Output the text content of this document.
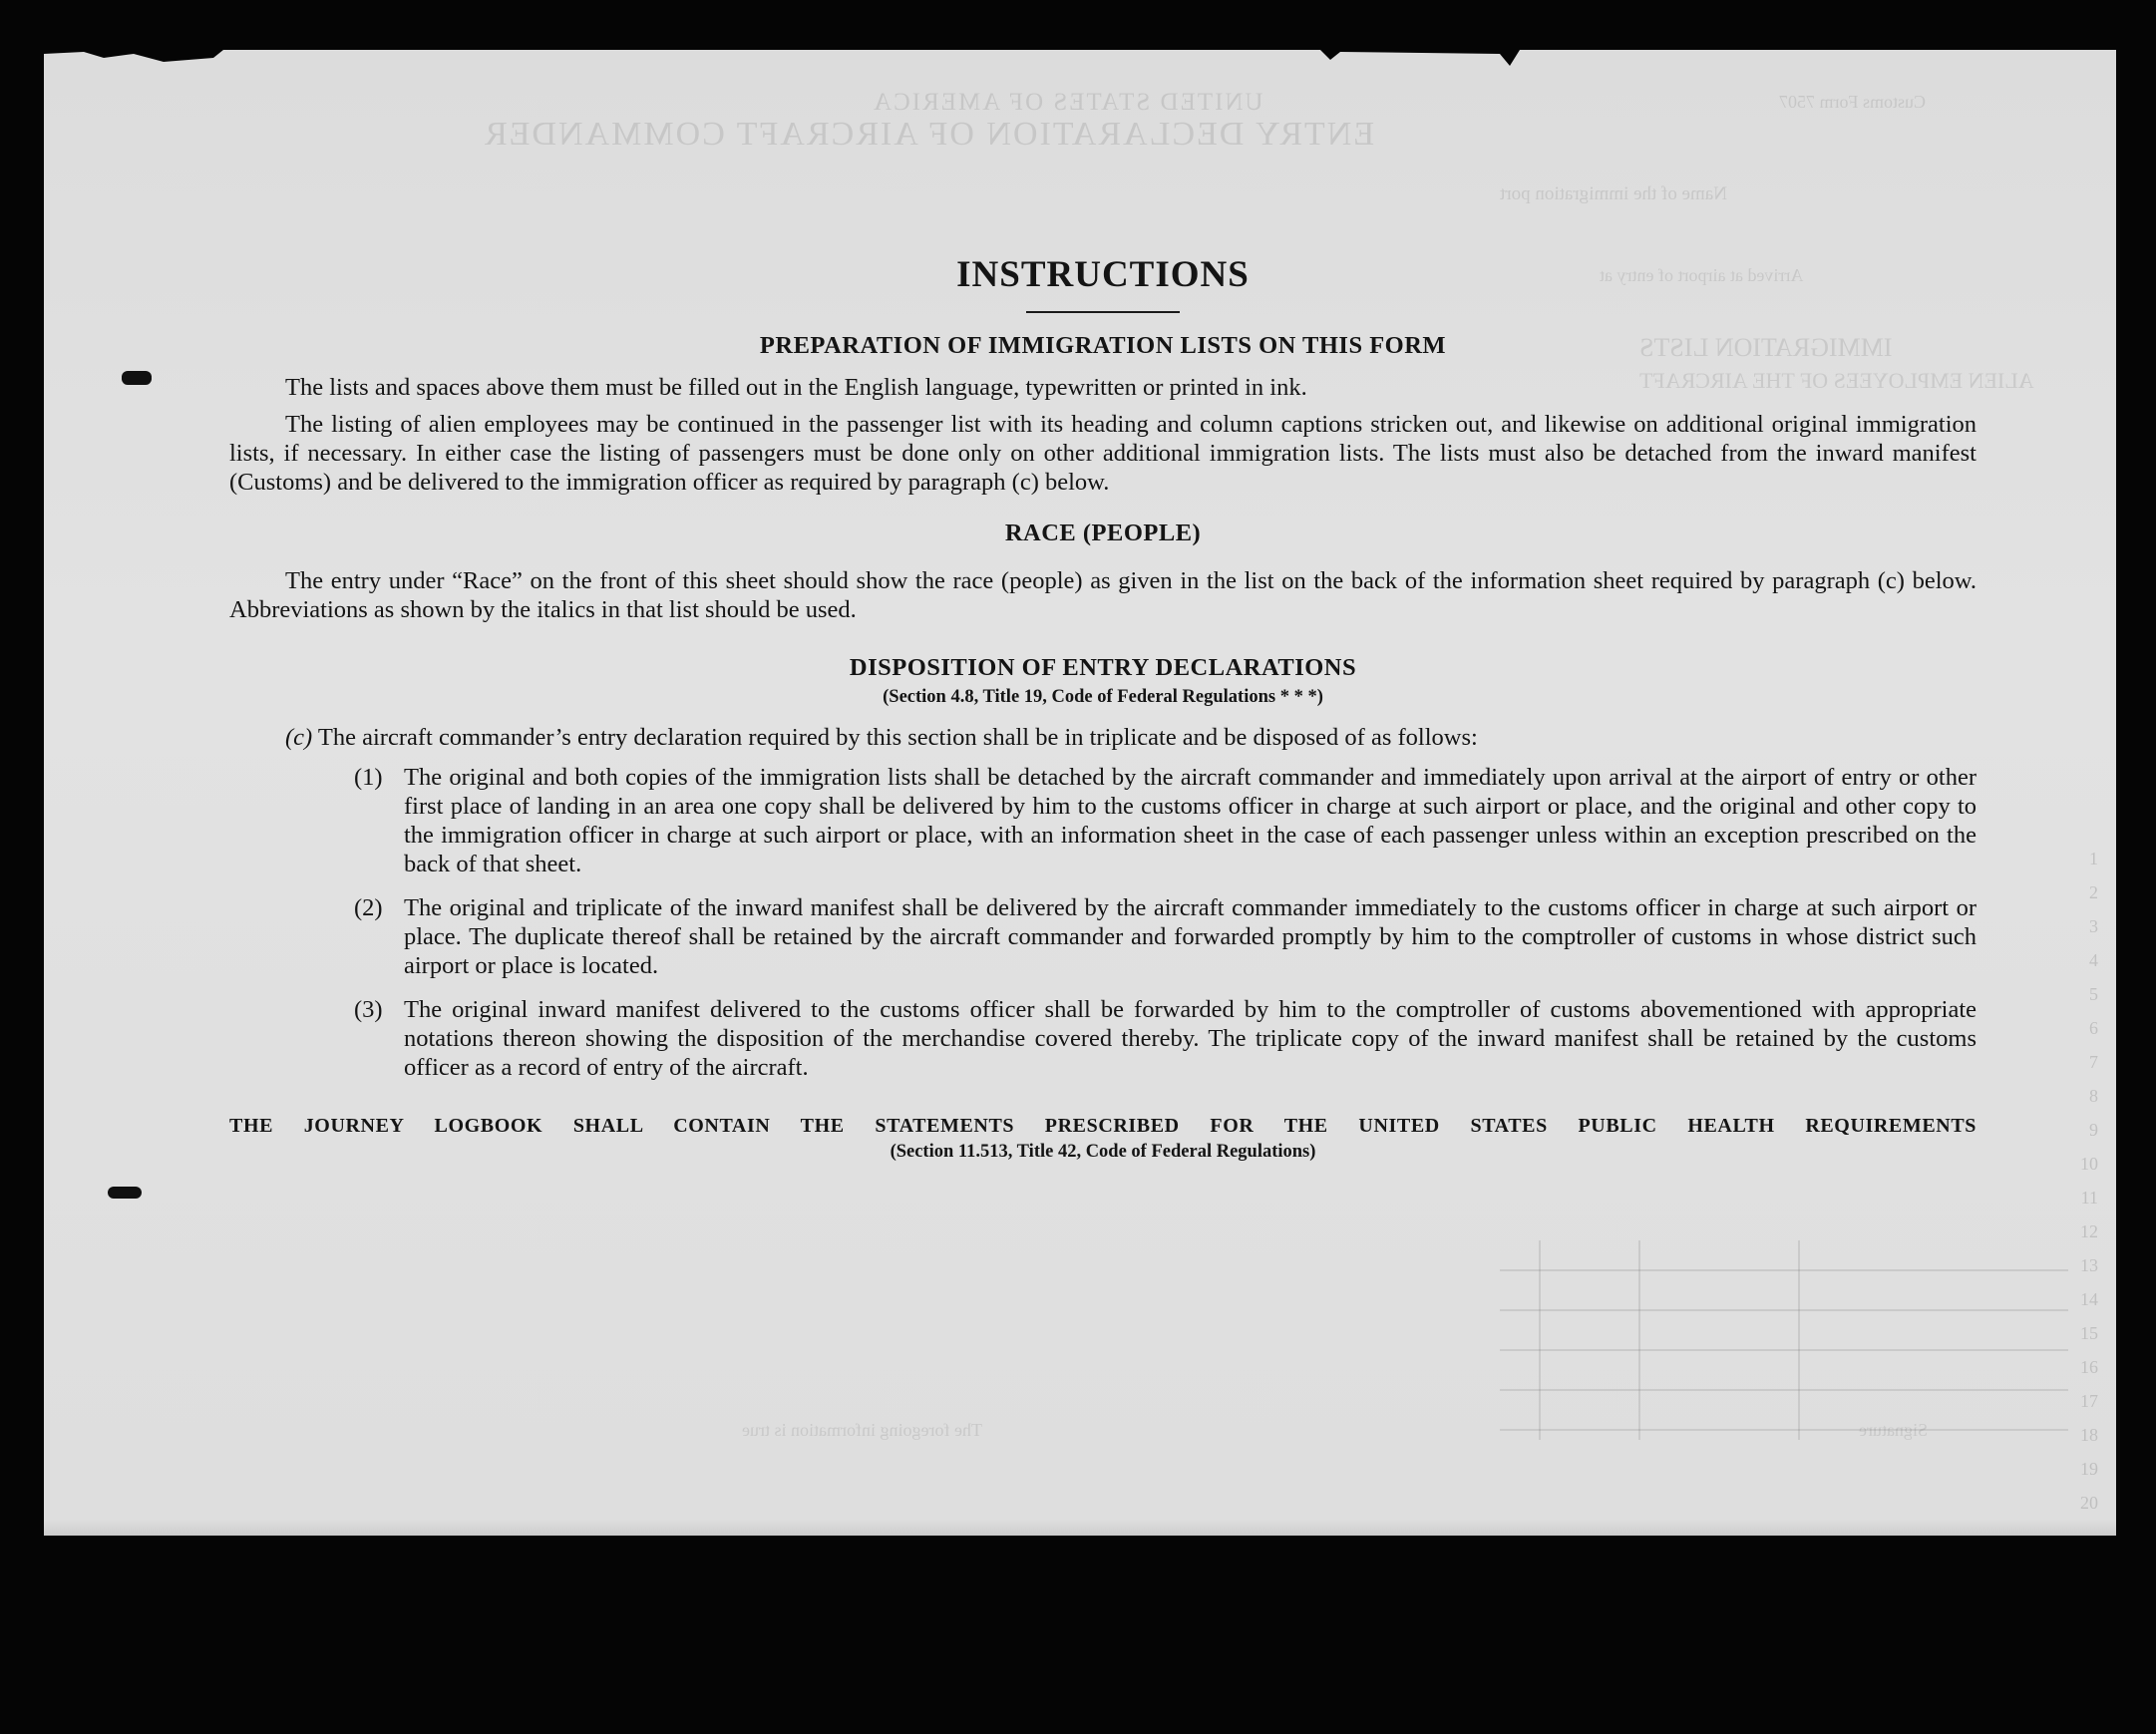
UNITED STATES OF AMERICA
ENTRY DECLARATION OF AIRCRAFT COMMANDER
Customs Form 7507
Name of the immigration port
Arrived at airport of entry at
IMMIGRATION LISTS
ALIEN EMPLOYEES OF THE AIRCRAFT
The foregoing information is true	Signature
1
2
3
4
5
6
7
8
9
10
11
12
13
14
15
16
17
18
19
20
INSTRUCTIONS
PREPARATION OF IMMIGRATION LISTS ON THIS FORM

The lists and spaces above them must be filled out in the English language, typewritten or printed in ink.

The listing of alien employees may be continued in the passenger list with its heading and column captions stricken out, and likewise on additional original immigration lists, if necessary. In either case the listing of passengers must be done only on other additional immigration lists. The lists must also be detached from the inward manifest (Customs) and be delivered to the immigration officer as required by paragraph (c) below.

RACE (PEOPLE)

The entry under “Race” on the front of this sheet should show the race (people) as given in the list on the back of the information sheet required by paragraph (c) below. Abbreviations as shown by the italics in that list should be used.

DISPOSITION OF ENTRY DECLARATIONS
(Section 4.8, Title 19, Code of Federal Regulations * * *)

(c) The aircraft commander’s entry declaration required by this section shall be in triplicate and be disposed of as follows:

(1) The original and both copies of the immigration lists shall be detached by the aircraft commander and immediately upon arrival at the airport of entry or other first place of landing in an area one copy shall be delivered by him to the customs officer in charge at such airport or place, and the original and other copy to the immigration officer in charge at such airport or place, with an information sheet in the case of each passenger unless within an exception prescribed on the back of that sheet.
(2) The original and triplicate of the inward manifest shall be delivered by the aircraft commander immediately to the customs officer in charge at such airport or place. The duplicate thereof shall be retained by the aircraft commander and forwarded promptly by him to the comptroller of customs in whose district such airport or place is located.
(3) The original inward manifest delivered to the customs officer shall be forwarded by him to the comptroller of customs abovementioned with appropriate notations thereon showing the disposition of the merchandise covered thereby. The triplicate copy of the inward manifest shall be retained by the customs officer as a record of entry of the aircraft.
THE JOURNEY LOGBOOK SHALL CONTAIN THE STATEMENTS PRESCRIBED FOR THE UNITED STATES PUBLIC HEALTH REQUIREMENTS
(Section 11.513, Title 42, Code of Federal Regulations)
